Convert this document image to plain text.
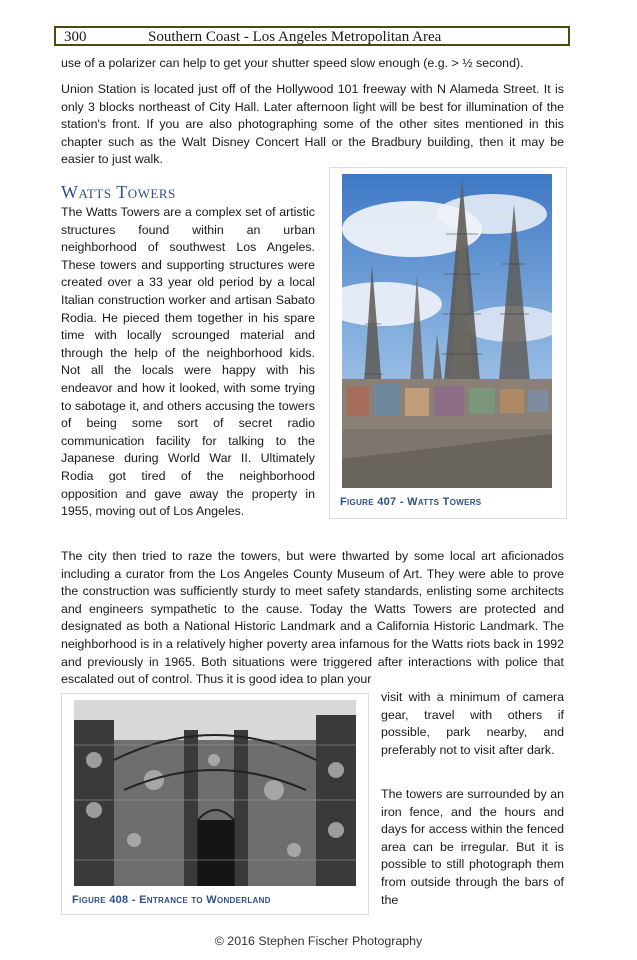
300	Southern Coast - Los Angeles Metropolitan Area

use of a polarizer can help to get your shutter speed slow enough (e.g. > ½ second).

Union Station is located just off of the Hollywood 101 freeway with N Alameda Street. It is only 3 blocks northeast of City Hall. Later afternoon light will be best for illumination of the station's front. If you are also photographing some of the other sites mentioned in this chapter such as the Walt Disney Concert Hall or the Bradbury building, then it may be easier to just walk.

Watts Towers

The Watts Towers are a complex set of artistic structures found within an urban neighborhood of southwest Los Angeles. These towers and supporting structures were created over a 33 year old period by a local Italian construction worker and artisan Sabato Rodia. He pieced them together in his spare time with locally scrounged material and through the help of the neighborhood kids. Not all the locals were happy with his endeavor and how it looked, with some trying to sabotage it, and others accusing the towers of being some sort of secret radio communication facility for talking to the Japanese during World War II. Ultimately Rodia got tired of the neighborhood opposition and gave away the property in 1955, moving out of Los Angeles.

Figure 407 - Watts Towers

The city then tried to raze the towers, but were thwarted by some local art aficionados including a curator from the Los Angeles County Museum of Art. They were able to prove the construction was sufficiently sturdy to meet safety standards, enlisting some architects and engineers sympathetic to the cause. Today the Watts Towers are protected and designated as both a National Historic Landmark and a California Historic Landmark. The neighborhood is in a relatively higher poverty area infamous for the Watts riots back in 1992 and previously in 1965. Both situations were triggered after interactions with police that escalated out of control. Thus it is good idea to plan your

Figure 408 - Entrance to Wonderland

visit with a minimum of camera gear, travel with others if possible, park nearby, and preferably not to visit after dark.

The towers are surrounded by an iron fence, and the hours and days for access within the fenced area can be irregular. But it is possible to still photograph them from outside through the bars of the

© 2016 Stephen Fischer Photography
